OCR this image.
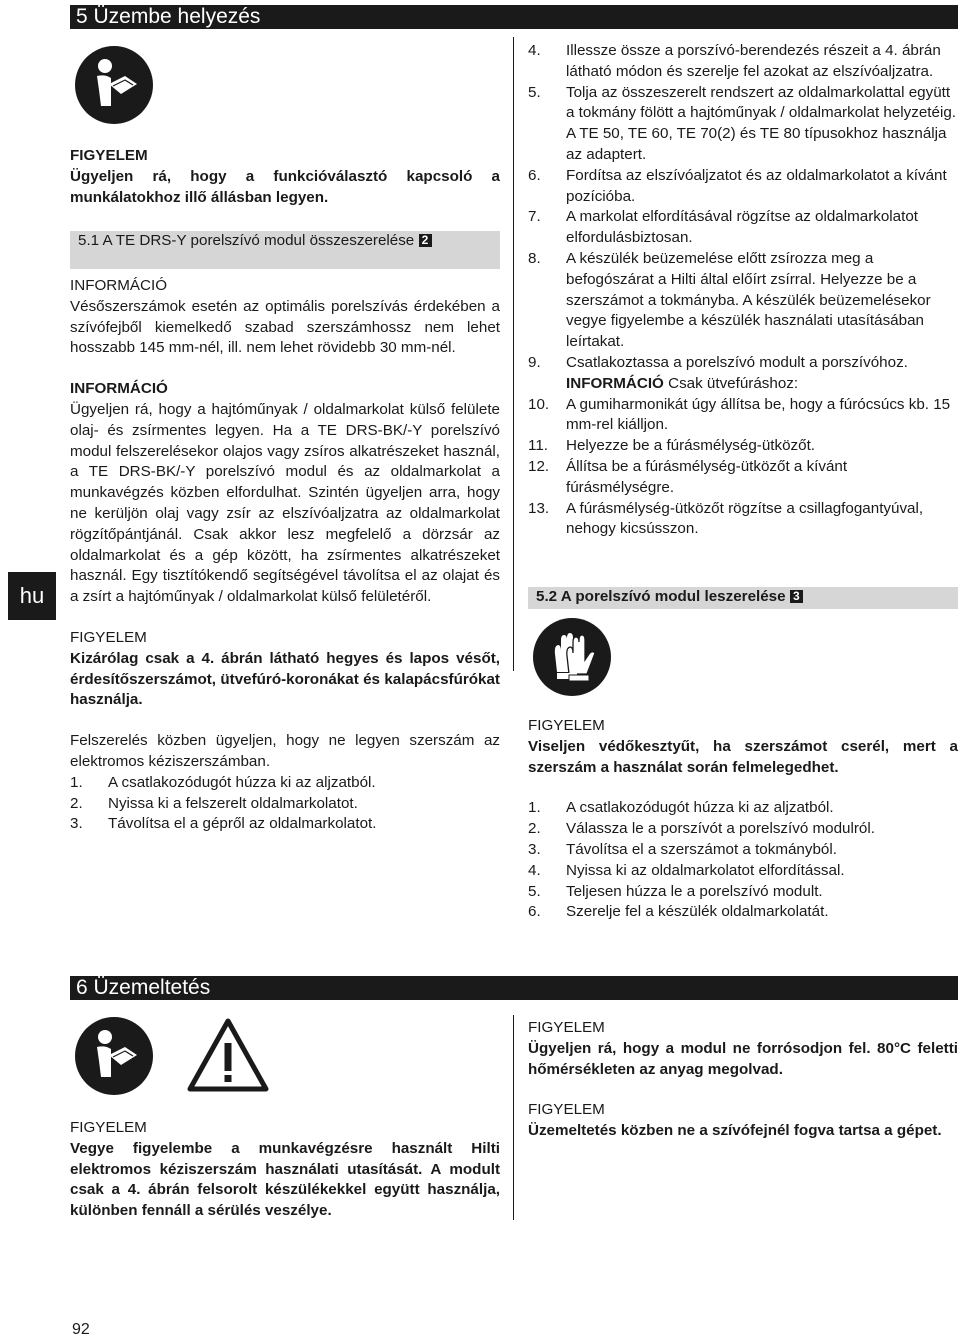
5 Üzembe helyezés
hu

FIGYELEM

Ügyeljen rá, hogy a funkcióválasztó kapcsoló a munkálatokhoz illő állásban legyen.

5.1 A TE DRS-Y porelszívó modul összeszerelése 2

INFORMÁCIÓ

Vésőszerszámok esetén az optimális porelszívás érdekében a szívófejből kiemelkedő szabad szerszámhossz nem lehet hosszabb 145 mm-nél, ill. nem lehet rövidebb 30 mm-nél.

INFORMÁCIÓ

Ügyeljen rá, hogy a hajtóműnyak / oldalmarkolat külső felülete olaj- és zsírmentes legyen. Ha a TE DRS-BK/-Y porelszívó modul felszerelésekor olajos vagy zsíros alkatrészeket használ, a TE DRS-BK/-Y porelszívó modul és az oldalmarkolat a munkavégzés közben elfordulhat. Szintén ügyeljen arra, hogy ne kerüljön olaj vagy zsír az elszívóaljzatra az oldalmarkolat rögzítőpántjánál. Csak akkor lesz megfelelő a dörzsár az oldalmarkolat és a gép között, ha zsírmentes alkatrészeket használ. Egy tisztítókendő segítségével távolítsa el az olajat és a zsírt a hajtóműnyak / oldalmarkolat külső felületéről.

FIGYELEM

Kizárólag csak a 4. ábrán látható hegyes és lapos vésőt, érdesítőszerszámot, ütvefúró-koronákat és kalapácsfúrókat használja.

Felszerelés közben ügyeljen, hogy ne legyen szerszám az elektromos kéziszerszámban.

1. A csatlakozódugót húzza ki az aljzatból.
2. Nyissa ki a felszerelt oldalmarkolatot.
3. Távolítsa el a gépről az oldalmarkolatot.
4. Illessze össze a porszívó-berendezés részeit a 4. ábrán látható módon és szerelje fel azokat az elszívóaljzatra.
5. Tolja az összeszerelt rendszert az oldalmarkolattal együtt a tokmány fölött a hajtóműnyak / oldalmarkolat helyzetéig. A TE 50, TE 60, TE 70(2) és TE 80 típusokhoz használja az adaptert.
6. Fordítsa az elszívóaljzatot és az oldalmarkolatot a kívánt pozícióba.
7. A markolat elfordításával rögzítse az oldalmarkolatot elfordulásbiztosan.
8. A készülék beüzemelése előtt zsírozza meg a befogószárat a Hilti által előírt zsírral. Helyezze be a szerszámot a tokmányba. A készülék beüzemelésekor vegye figyelembe a készülék használati utasításában leírtakat.
9. Csatlakoztassa a porelszívó modult a porszívóhoz.
INFORMÁCIÓ Csak ütvefúráshoz:
10. A gumiharmonikát úgy állítsa be, hogy a fúrócsúcs kb. 15 mm-rel kiálljon.
11. Helyezze be a fúrásmélység-ütközőt.
12. Állítsa be a fúrásmélység-ütközőt a kívánt fúrásmélységre.
13. A fúrásmélység-ütközőt rögzítse a csillagfogantyúval, nehogy kicsússzon.
5.2 A porelszívó modul leszerelése 3

FIGYELEM

Viseljen védőkesztyűt, ha szerszámot cserél, mert a szerszám a használat során felmelegedhet.

1. A csatlakozódugót húzza ki az aljzatból.
2. Válassza le a porszívót a porelszívó modulról.
3. Távolítsa el a szerszámot a tokmányból.
4. Nyissa ki az oldalmarkolatot elfordítással.
5. Teljesen húzza le a porelszívó modult.
6. Szerelje fel a készülék oldalmarkolatát.
6 Üzemeltetés

FIGYELEM

Vegye figyelembe a munkavégzésre használt Hilti elektromos kéziszerszám használati utasítását. A modult csak a 4. ábrán felsorolt készülékekkel együtt használja, különben fennáll a sérülés veszélye.

FIGYELEM

Ügyeljen rá, hogy a modul ne forrósodjon fel. 80°C feletti hőmérsékleten az anyag megolvad.

FIGYELEM

Üzemeltetés közben ne a szívófejnél fogva tartsa a gépet.

92
